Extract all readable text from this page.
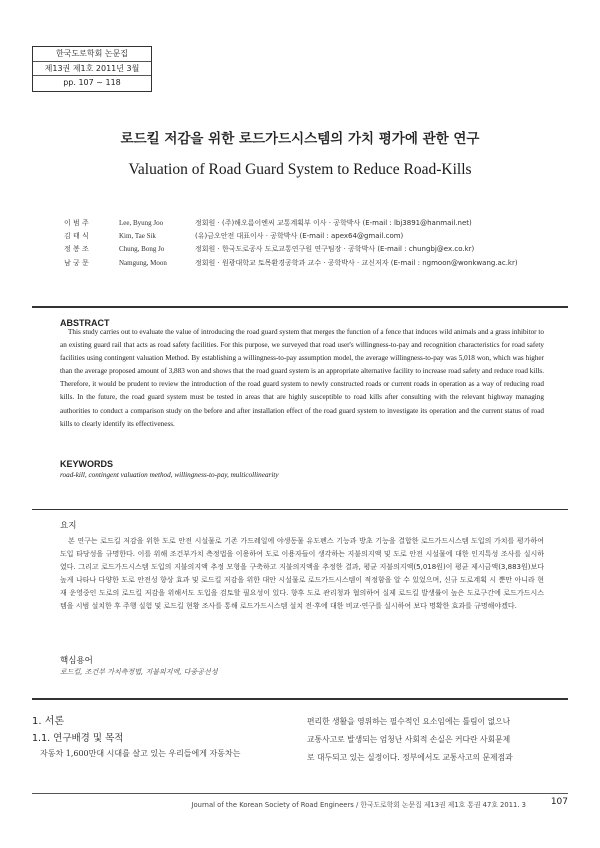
한국도로학회 논문집
제13권 제1호 2011년 3월
pp. 107 ~ 118
로드킬 저감을 위한 로드가드시스템의 가치 평가에 관한 연구
Valuation of Road Guard System to Reduce Road-Kills
이 범 주	Lee, Byung Joo	정회원 · (주)해오름이엔씨 교통계획부 이사 · 공학박사 (E-mail : lbj3891@hanmail.net)
김 태 식	Kim, Tae Sik	(유)금오안전 대표이사 · 공학박사 (E-mail : apex64@gmail.com)
정 봉 조	Chung, Bong Jo	정회원 · 한국도로공사 도로교통연구원 연구팀장 · 공학박사 (E-mail : chungbj@ex.co.kr)
남 궁 문	Namgung, Moon	정회원 · 원광대학교 토목환경공학과 교수 · 공학박사 · 교신저자 (E-mail : ngmoon@wonkwang.ac.kr)
ABSTRACT

This study carries out to evaluate the value of introducing the road guard system that merges the function of a fence that induces wild animals and a grass inhibitor to an existing guard rail that acts as road safety facilities. For this purpose, we surveyed that road user's willingness-to-pay and recognition characteristics for road safety facilities using contingent valuation Method. By establishing a willingness-to-pay assumption model, the average willingness-to-pay was 5,018 won, which was higher than the average proposed amount of 3,883 won and shows that the road guard system is an appropriate alternative facility to increase road safety and reduce road kills. Therefore, it would be prudent to review the introduction of the road guard system to newly constructed roads or current roads in operation as a way of reducing road kills. In the future, the road guard system must be tested in areas that are highly susceptible to road kills after consulting with the relevant highway managing authorities to conduct a comparison study on the before and after installation effect of the road guard system to investigate its operation and the current status of road kills to clearly identify its effectiveness.

KEYWORDS
road-kill, contingent valuation method, willingness-to-pay, multicollinearity
요지

본 연구는 로드킬 저감을 위한 도로 안전 시설물로 기존 가드레일에 야생동물 유도펜스 기능과 방초 기능을 결합한 로드가드시스템 도입의 가치를 평가하여 도입 타당성을 규명한다. 이를 위해 조건부가치 측정법을 이용하여 도로 이용자들이 생각하는 지불의지액 및 도로 안전 시설물에 대한 인지특성 조사를 실시하였다. 그리고 로드가드시스템 도입의 지불의지액 추정 모형을 구축하고 지불의지액을 추정한 결과, 평균 지불의지액(5,018원)이 평균 제시금액(3,883원)보다 높게 나타나 다양한 도로 안전성 향상 효과 및 로드킬 저감을 위한 대안 시설물로 로드가드시스템이 적정함을 알 수 있었으며, 신규 도로계획 시 뿐만 아니라 현재 운영중인 도로의 로드킬 저감을 위해서도 도입을 검토할 필요성이 있다. 향후 도로 관리청과 협의하여 실제 로드킬 발생률이 높은 도로구간에 로드가드시스템을 시범 설치한 후 주행 실험 및 로드킬 현황 조사를 통해 로드가드시스템 설치 전·후에 대한 비교·연구를 실시하여 보다 명확한 효과를 규명해야겠다.

핵심용어
로드킬, 조건부 가치측정법, 지불의지액, 다중공선성
1. 서론
1.1. 연구배경 및 목적

자동차 1,600만대 시대를 살고 있는 우리들에게 자동차는

편리한 생활을 영위하는 필수적인 요소임에는 틀림이 없으나
교통사고로 발생되는 엄청난 사회적 손실은 커다란 사회문제
로 대두되고 있는 실정이다. 정부에서도 교통사고의 문제점과
Journal of the Korean Society of Road Engineers / 한국도로학회 논문집 제13권 제1호 통권 47호 2011. 3	107
